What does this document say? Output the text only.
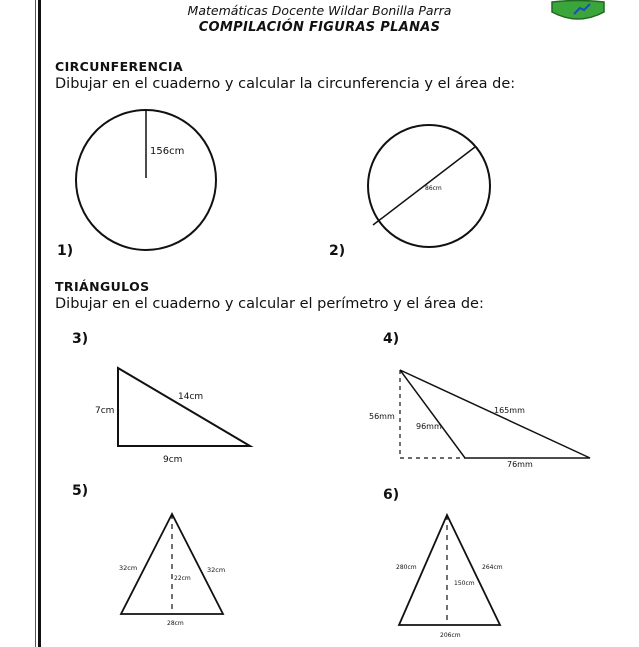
Matemáticas Docente Wildar Bonilla Parra
COMPILACIÓN FIGURAS PLANAS
CIRCUNFERENCIA
Dibujar en el cuaderno y calcular la circunferencia y el área de:
TRIÁNGULOS
Dibujar en el cuaderno y calcular el perímetro y el área de:
1)	2)
3)	4)
5)	6)
156cm
86cm
7cm
14cm
9cm
56mm
165mm
96mm
76mm
32cm
22cm
32cm
28cm
280cm
150cm
264cm
206cm
